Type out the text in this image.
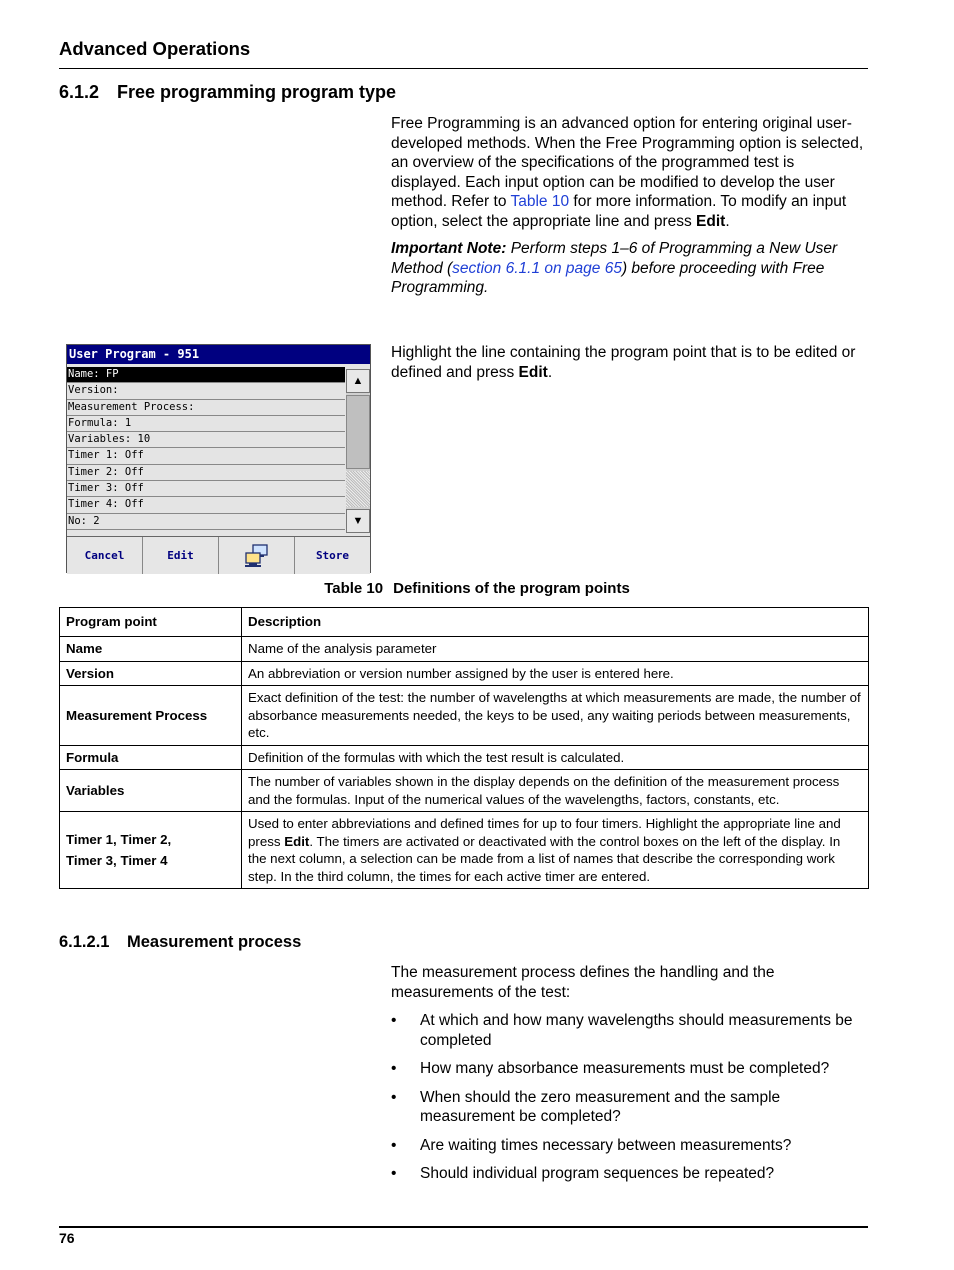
Advanced Operations
6.1.2 Free programming program type
Free Programming is an advanced option for entering original user-developed methods. When the Free Programming option is selected, an overview of the specifications of the programmed test is displayed. Each input option can be modified to develop the user method. Refer to Table 10 for more information. To modify an input option, select the appropriate line and press Edit.
Important Note: Perform steps 1–6 of Programming a New User Method (section 6.1.1 on page 65) before proceeding with Free Programming.
User Program - 951
Name: FP
Version:
Measurement Process:
Formula: 1
Variables: 10
Timer 1: Off
Timer 2: Off
Timer 3: Off
Timer 4: Off
No: 2
▲
▼
Cancel	Edit	Store
Highlight the line containing the program point that is to be edited or defined and press Edit.
Table 10 Definitions of the program points
Program point	Description
Name	Name of the analysis parameter
Version	An abbreviation or version number assigned by the user is entered here.
Measurement Process	Exact definition of the test: the number of wavelengths at which measurements are made, the number of absorbance measurements needed, the keys to be used, any waiting periods between measurements, etc.
Formula	Definition of the formulas with which the test result is calculated.
Variables	The number of variables shown in the display depends on the definition of the measurement process and the formulas. Input of the numerical values of the wavelengths, factors, constants, etc.

Timer 1, Timer 2,
Timer 3, Timer 4	Used to enter abbreviations and defined times for up to four timers. Highlight the appropriate line and press Edit. The timers are activated or deactivated with the control boxes on the left of the display. In the next column, a selection can be made from a list of names that describe the corresponding work step. In the third column, the times for each active timer are entered.
6.1.2.1 Measurement process
The measurement process defines the handling and the measurements of the test:
• At which and how many wavelengths should measurements be completed
• How many absorbance measurements must be completed?
• When should the zero measurement and the sample measurement be completed?
• Are waiting times necessary between measurements?
• Should individual program sequences be repeated?
76
